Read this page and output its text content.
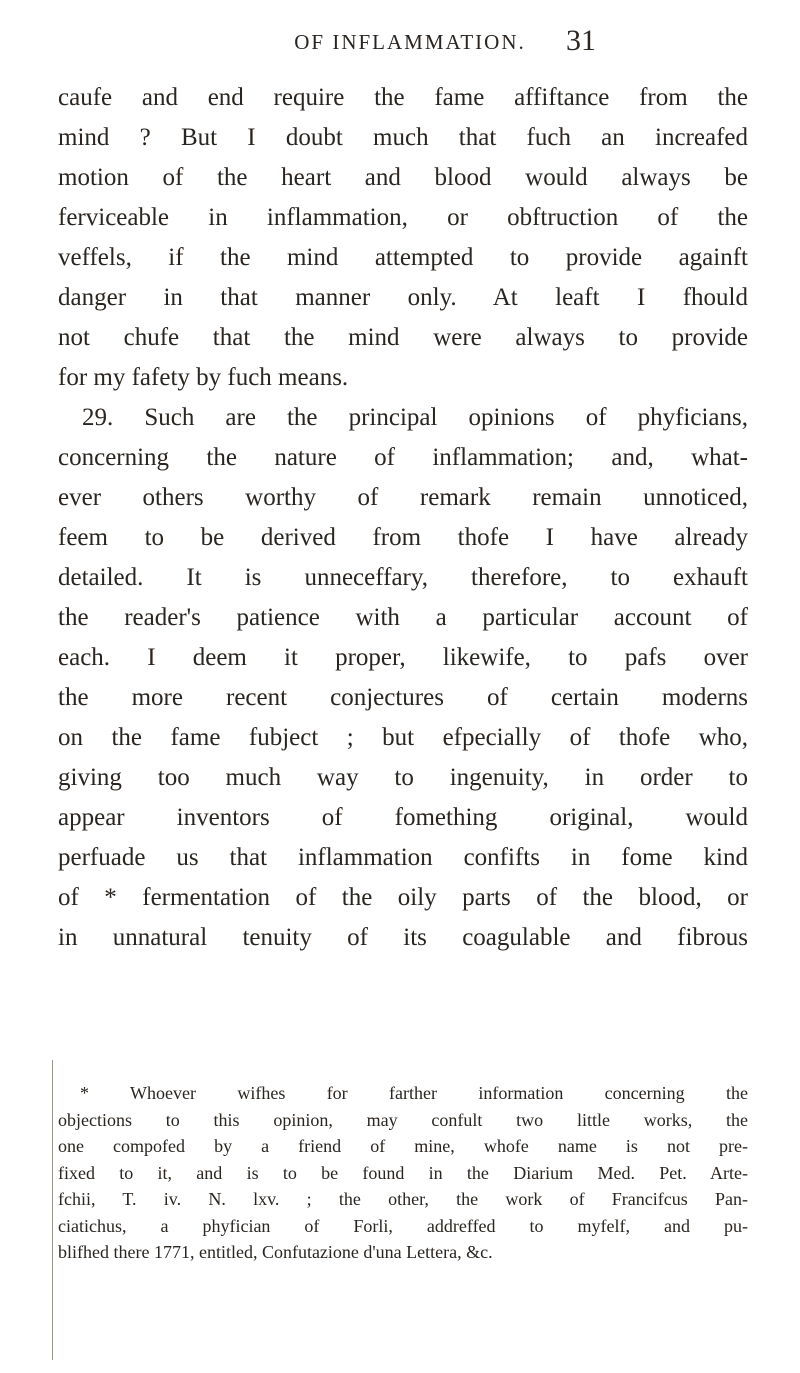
OF INFLAMMATION.	31
caufe and end require the fame affiftance from the
mind ? But I doubt much that fuch an increafed
motion of the heart and blood would always be
ferviceable in inflammation, or obftruction of the
veffels, if the mind attempted to provide againft
danger in that manner only. At leaft I fhould
not chufe that the mind were always to provide
for my fafety by fuch means.
29. Such are the principal opinions of phyficians,
concerning the nature of inflammation; and, what-
ever others worthy of remark remain unnoticed,
feem to be derived from thofe I have already
detailed. It is unneceffary, therefore, to exhauft
the reader's patience with a particular account of
each. I deem it proper, likewife, to pafs over
the more recent conjectures of certain moderns
on the fame fubject ; but efpecially of thofe who,
giving too much way to ingenuity, in order to
appear inventors of fomething original, would
perfuade us that inflammation confifts in fome kind
of * fermentation of the oily parts of the blood, or
in unnatural tenuity of its coagulable and fibrous
* Whoever wifhes for farther information concerning the
objections to this opinion, may confult two little works, the
one compofed by a friend of mine, whofe name is not pre-
fixed to it, and is to be found in the Diarium Med. Pet. Arte-
fchii, T. iv. N. lxv. ; the other, the work of Francifcus Pan-
ciatichus, a phyfician of Forli, addreffed to myfelf, and pu-
blifhed there 1771, entitled, Confutazione d'una Lettera, &c.
